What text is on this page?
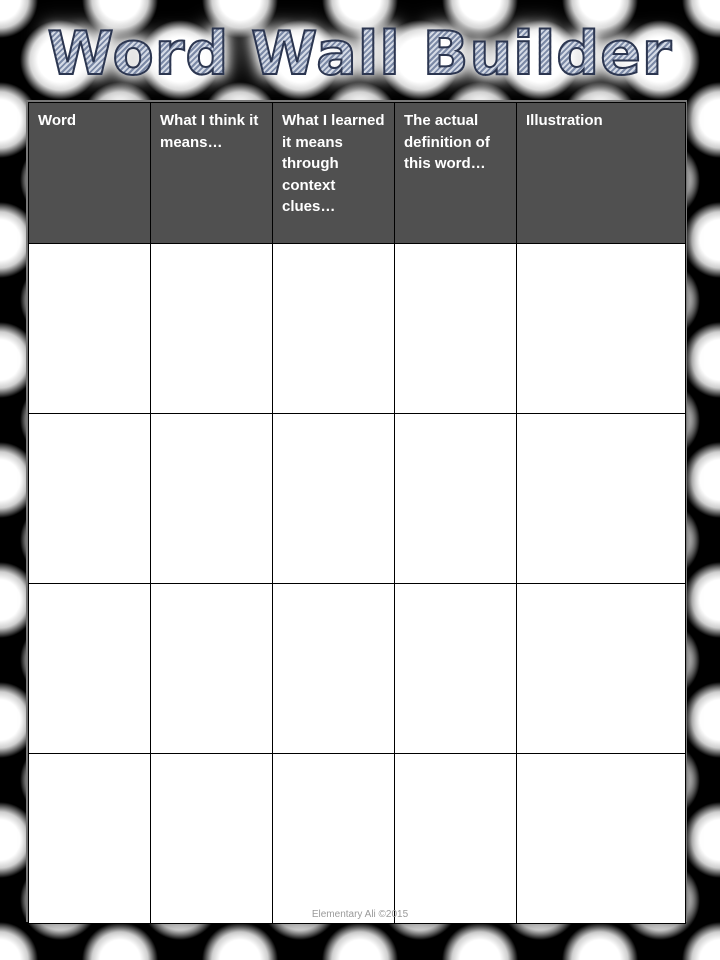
Word Wall Builder
Word	What I think it means…	What I learned it means through context clues…	The actual definition of this word…	Illustration

Elementary Ali ©2015
